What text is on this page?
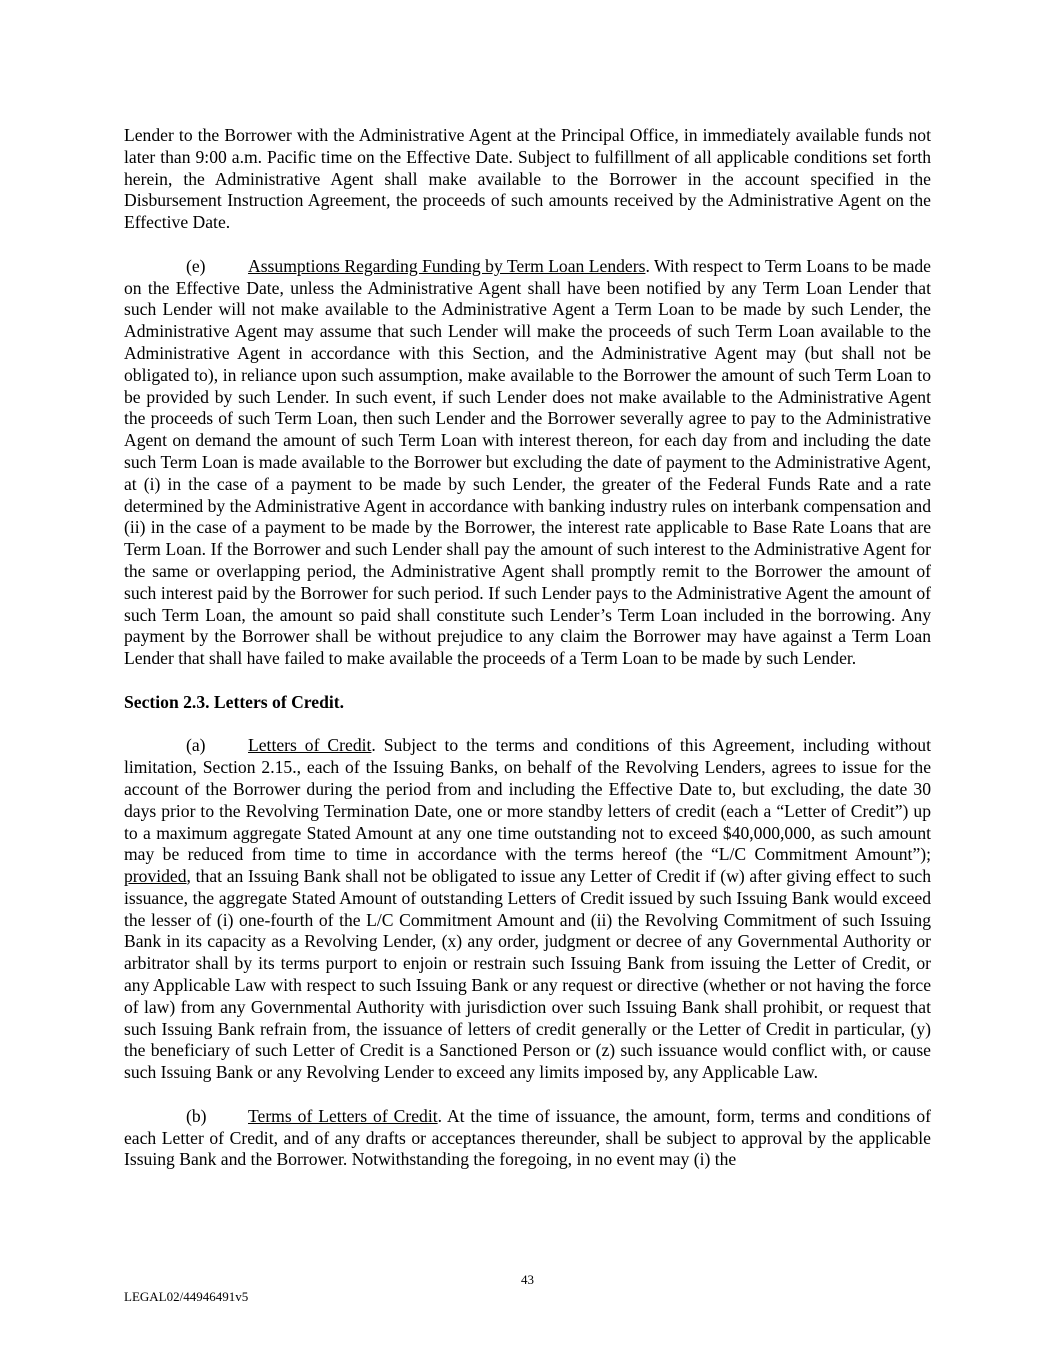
Lender to the Borrower with the Administrative Agent at the Principal Office, in immediately available funds not later than 9:00 a.m. Pacific time on the Effective Date. Subject to fulfillment of all applicable conditions set forth herein, the Administrative Agent shall make available to the Borrower in the account specified in the Disbursement Instruction Agreement, the proceeds of such amounts received by the Administrative Agent on the Effective Date.

(e) Assumptions Regarding Funding by Term Loan Lenders. With respect to Term Loans to be made on the Effective Date, unless the Administrative Agent shall have been notified by any Term Loan Lender that such Lender will not make available to the Administrative Agent a Term Loan to be made by such Lender, the Administrative Agent may assume that such Lender will make the proceeds of such Term Loan available to the Administrative Agent in accordance with this Section, and the Administrative Agent may (but shall not be obligated to), in reliance upon such assumption, make available to the Borrower the amount of such Term Loan to be provided by such Lender. In such event, if such Lender does not make available to the Administrative Agent the proceeds of such Term Loan, then such Lender and the Borrower severally agree to pay to the Administrative Agent on demand the amount of such Term Loan with interest thereon, for each day from and including the date such Term Loan is made available to the Borrower but excluding the date of payment to the Administrative Agent, at (i) in the case of a payment to be made by such Lender, the greater of the Federal Funds Rate and a rate determined by the Administrative Agent in accordance with banking industry rules on interbank compensation and (ii) in the case of a payment to be made by the Borrower, the interest rate applicable to Base Rate Loans that are Term Loan. If the Borrower and such Lender shall pay the amount of such interest to the Administrative Agent for the same or overlapping period, the Administrative Agent shall promptly remit to the Borrower the amount of such interest paid by the Borrower for such period. If such Lender pays to the Administrative Agent the amount of such Term Loan, the amount so paid shall constitute such Lender’s Term Loan included in the borrowing. Any payment by the Borrower shall be without prejudice to any claim the Borrower may have against a Term Loan Lender that shall have failed to make available the proceeds of a Term Loan to be made by such Lender.

Section 2.3. Letters of Credit.

(a) Letters of Credit. Subject to the terms and conditions of this Agreement, including without limitation, Section 2.15., each of the Issuing Banks, on behalf of the Revolving Lenders, agrees to issue for the account of the Borrower during the period from and including the Effective Date to, but excluding, the date 30 days prior to the Revolving Termination Date, one or more standby letters of credit (each a “Letter of Credit”) up to a maximum aggregate Stated Amount at any one time outstanding not to exceed $40,000,000, as such amount may be reduced from time to time in accordance with the terms hereof (the “L/C Commitment Amount”); provided, that an Issuing Bank shall not be obligated to issue any Letter of Credit if (w) after giving effect to such issuance, the aggregate Stated Amount of outstanding Letters of Credit issued by such Issuing Bank would exceed the lesser of (i) one-fourth of the L/C Commitment Amount and (ii) the Revolving Commitment of such Issuing Bank in its capacity as a Revolving Lender, (x) any order, judgment or decree of any Governmental Authority or arbitrator shall by its terms purport to enjoin or restrain such Issuing Bank from issuing the Letter of Credit, or any Applicable Law with respect to such Issuing Bank or any request or directive (whether or not having the force of law) from any Governmental Authority with jurisdiction over such Issuing Bank shall prohibit, or request that such Issuing Bank refrain from, the issuance of letters of credit generally or the Letter of Credit in particular, (y) the beneficiary of such Letter of Credit is a Sanctioned Person or (z) such issuance would conflict with, or cause such Issuing Bank or any Revolving Lender to exceed any limits imposed by, any Applicable Law.

(b) Terms of Letters of Credit. At the time of issuance, the amount, form, terms and conditions of each Letter of Credit, and of any drafts or acceptances thereunder, shall be subject to approval by the applicable Issuing Bank and the Borrower. Notwithstanding the foregoing, in no event may (i) the

43
LEGAL02/44946491v5
